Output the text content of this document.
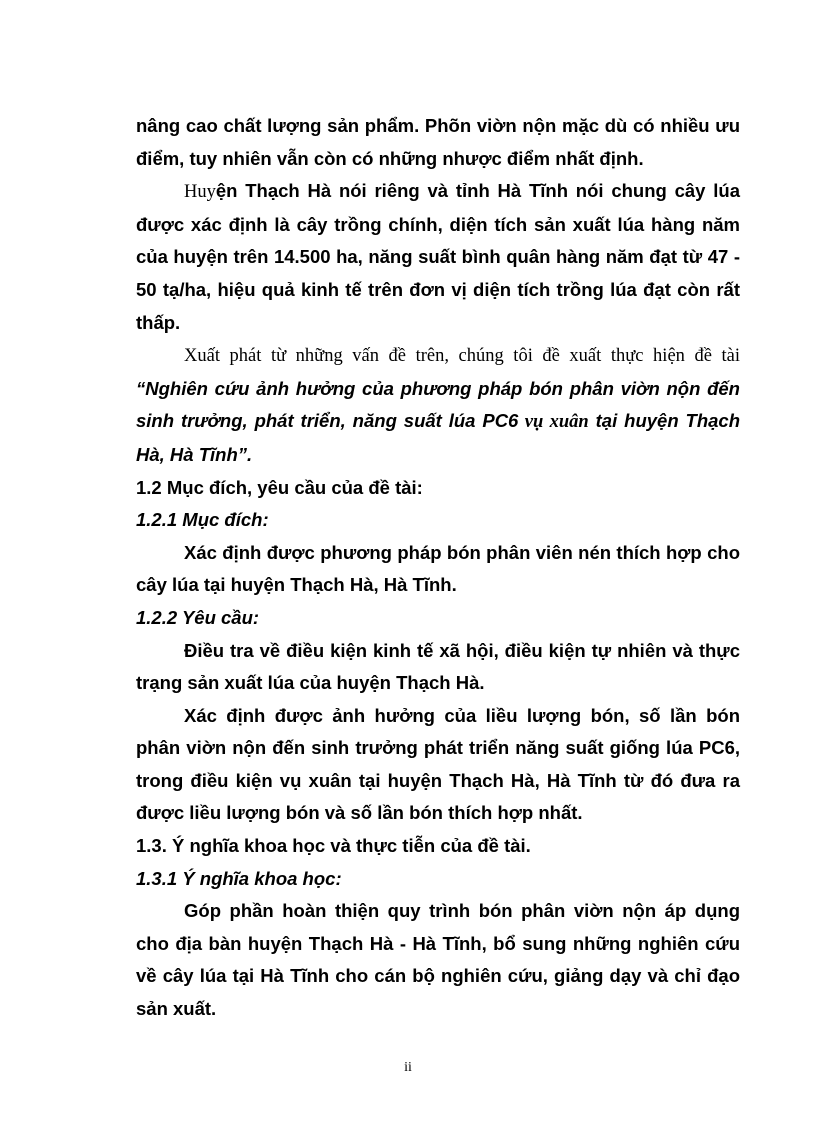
nâng cao chất lượng sản phẩm. Phõn viờn nộn mặc dù có nhiều ưu điểm, tuy nhiên vẫn còn có những nhược điểm nhất định.

Huyện Thạch Hà nói riêng và tỉnh Hà Tĩnh nói chung cây lúa được xác định là cây trồng chính, diện tích sản xuất lúa hàng năm của huyện trên 14.500 ha, năng suất bình quân hàng năm đạt từ 47 - 50 tạ/ha, hiệu quả kinh tế trên đơn vị diện tích trồng lúa đạt còn rất thấp.

Xuất phát từ những vấn đề trên, chúng tôi đề xuất thực hiện đề tài “Nghiên cứu ảnh hưởng của phương pháp bón phân viờn nộn đến sinh trưởng, phát triển, năng suất lúa PC6 vụ xuân tại huyện Thạch Hà, Hà Tĩnh”.

1.2 Mục đích, yêu cầu của đề tài:

1.2.1 Mục đích:

Xác định được phương pháp bón phân viên nén thích hợp cho cây lúa tại huyện Thạch Hà, Hà Tĩnh.

1.2.2 Yêu cầu:

Điều tra về điều kiện kinh tế xã hội, điều kiện tự nhiên và thực trạng sản xuất lúa của huyện Thạch Hà.

Xác định được ảnh hưởng của liều lượng bón, số lần bón phân viờn nộn đến sinh trưởng phát triển năng suất giống lúa PC6, trong điều kiện vụ xuân tại huyện Thạch Hà, Hà Tĩnh từ đó đưa ra được liều lượng bón và số lần bón thích hợp nhất.

1.3. Ý nghĩa khoa học và thực tiễn của đề tài.

1.3.1 Ý nghĩa khoa học:

Góp phần hoàn thiện quy trình bón phân viờn nộn áp dụng cho địa bàn huyện Thạch Hà - Hà Tĩnh, bổ sung những nghiên cứu về cây lúa tại Hà Tĩnh cho cán bộ nghiên cứu, giảng dạy và chỉ đạo sản xuất.

ii
